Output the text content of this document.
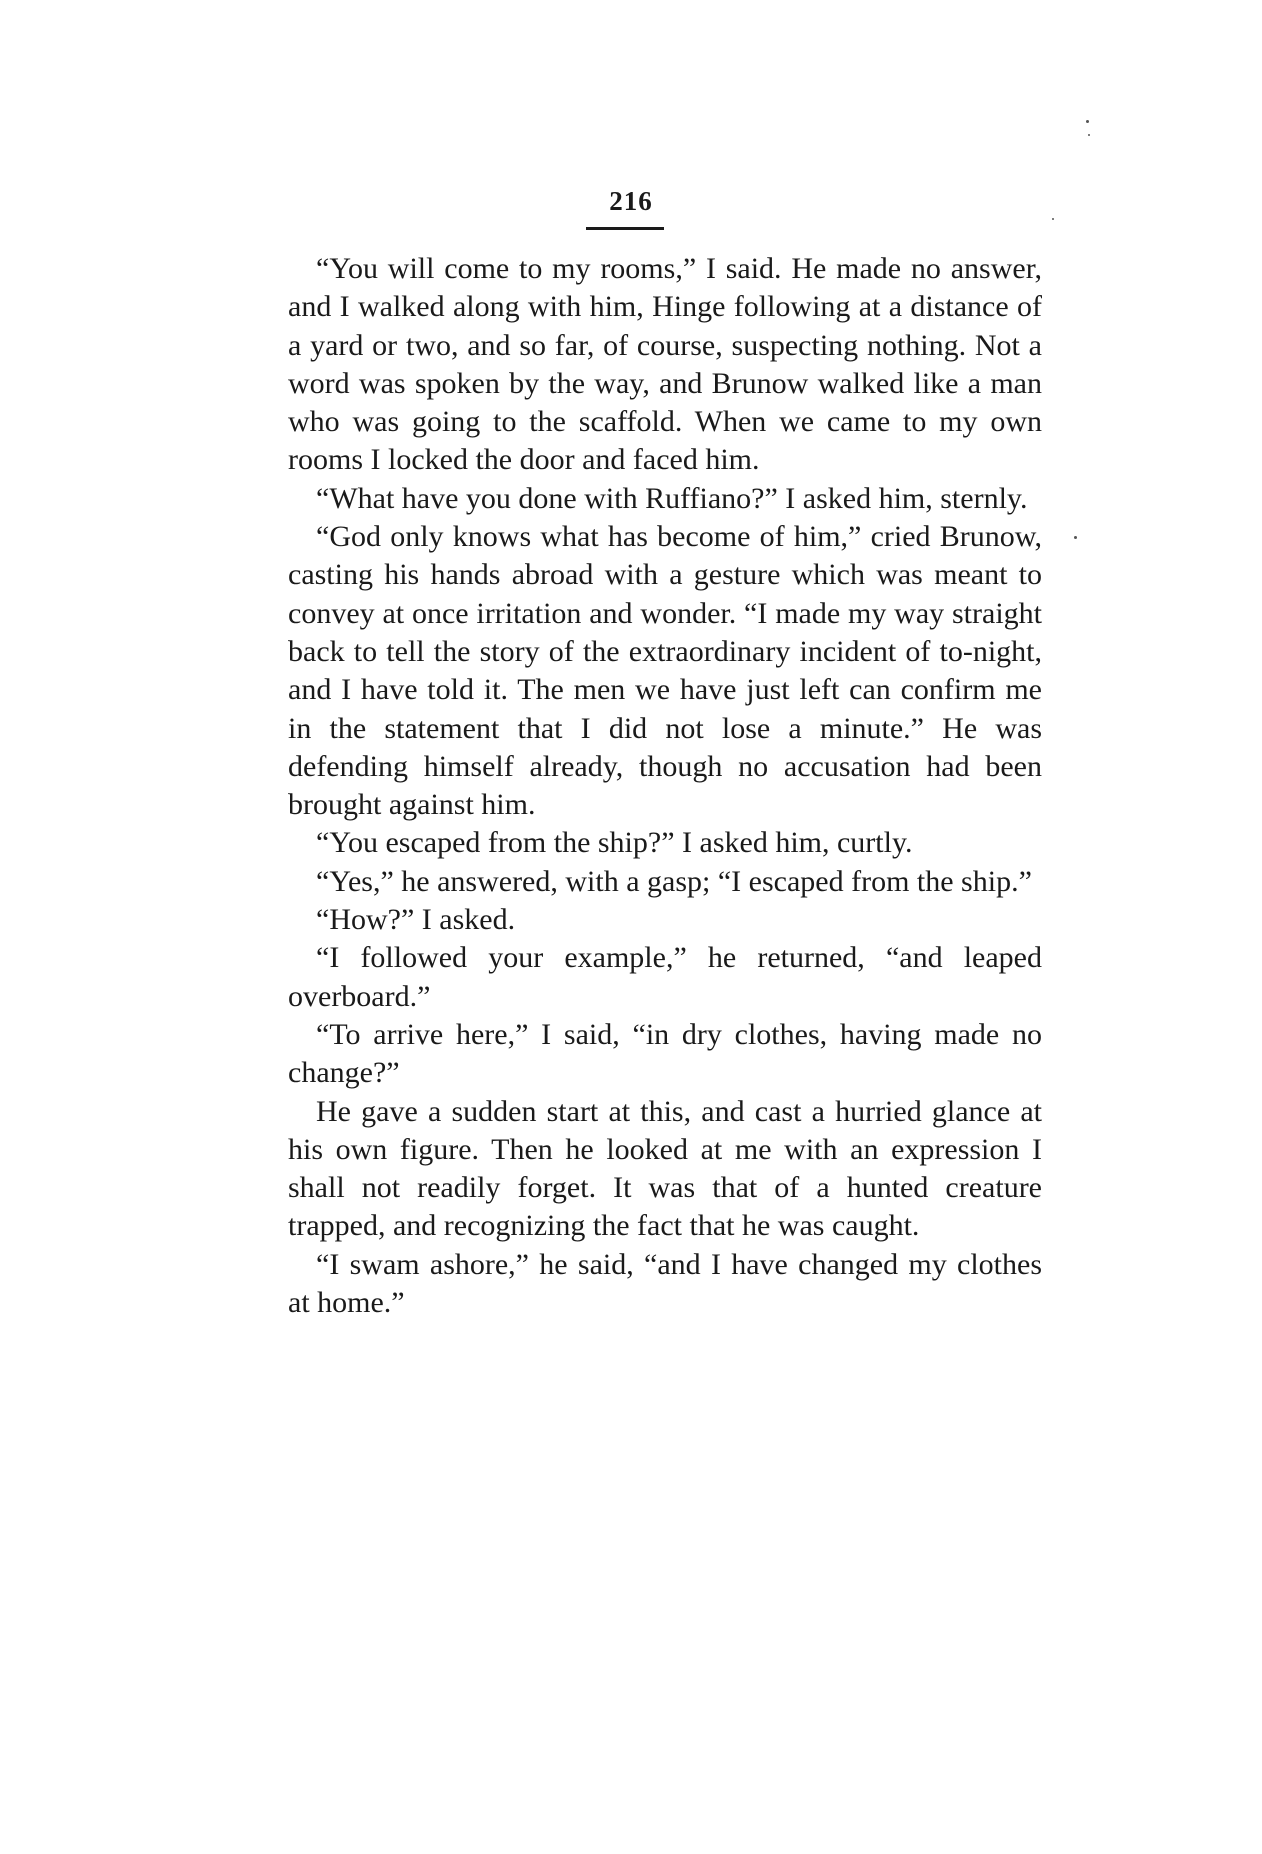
216

“You will come to my rooms,” I said. He made no answer, and I walked along with him, Hinge following at a distance of a yard or two, and so far, of course, suspecting nothing. Not a word was spoken by the way, and Brunow walked like a man who was going to the scaffold. When we came to my own rooms I locked the door and faced him.

“What have you done with Ruffiano?” I asked him, sternly.

“God only knows what has become of him,” cried Brunow, casting his hands abroad with a gesture which was meant to convey at once irritation and wonder. “I made my way straight back to tell the story of the extraordinary incident of to-night, and I have told it. The men we have just left can confirm me in the statement that I did not lose a minute.” He was defending himself already, though no accusation had been brought against him.

“You escaped from the ship?” I asked him, curtly.

“Yes,” he answered, with a gasp; “I escaped from the ship.”

“How?” I asked.

“I followed your example,” he returned, “and leaped overboard.”

“To arrive here,” I said, “in dry clothes, having made no change?”

He gave a sudden start at this, and cast a hurried glance at his own figure. Then he looked at me with an expression I shall not readily forget. It was that of a hunted creature trapped, and recognizing the fact that he was caught.

“I swam ashore,” he said, “and I have changed my clothes at home.”
